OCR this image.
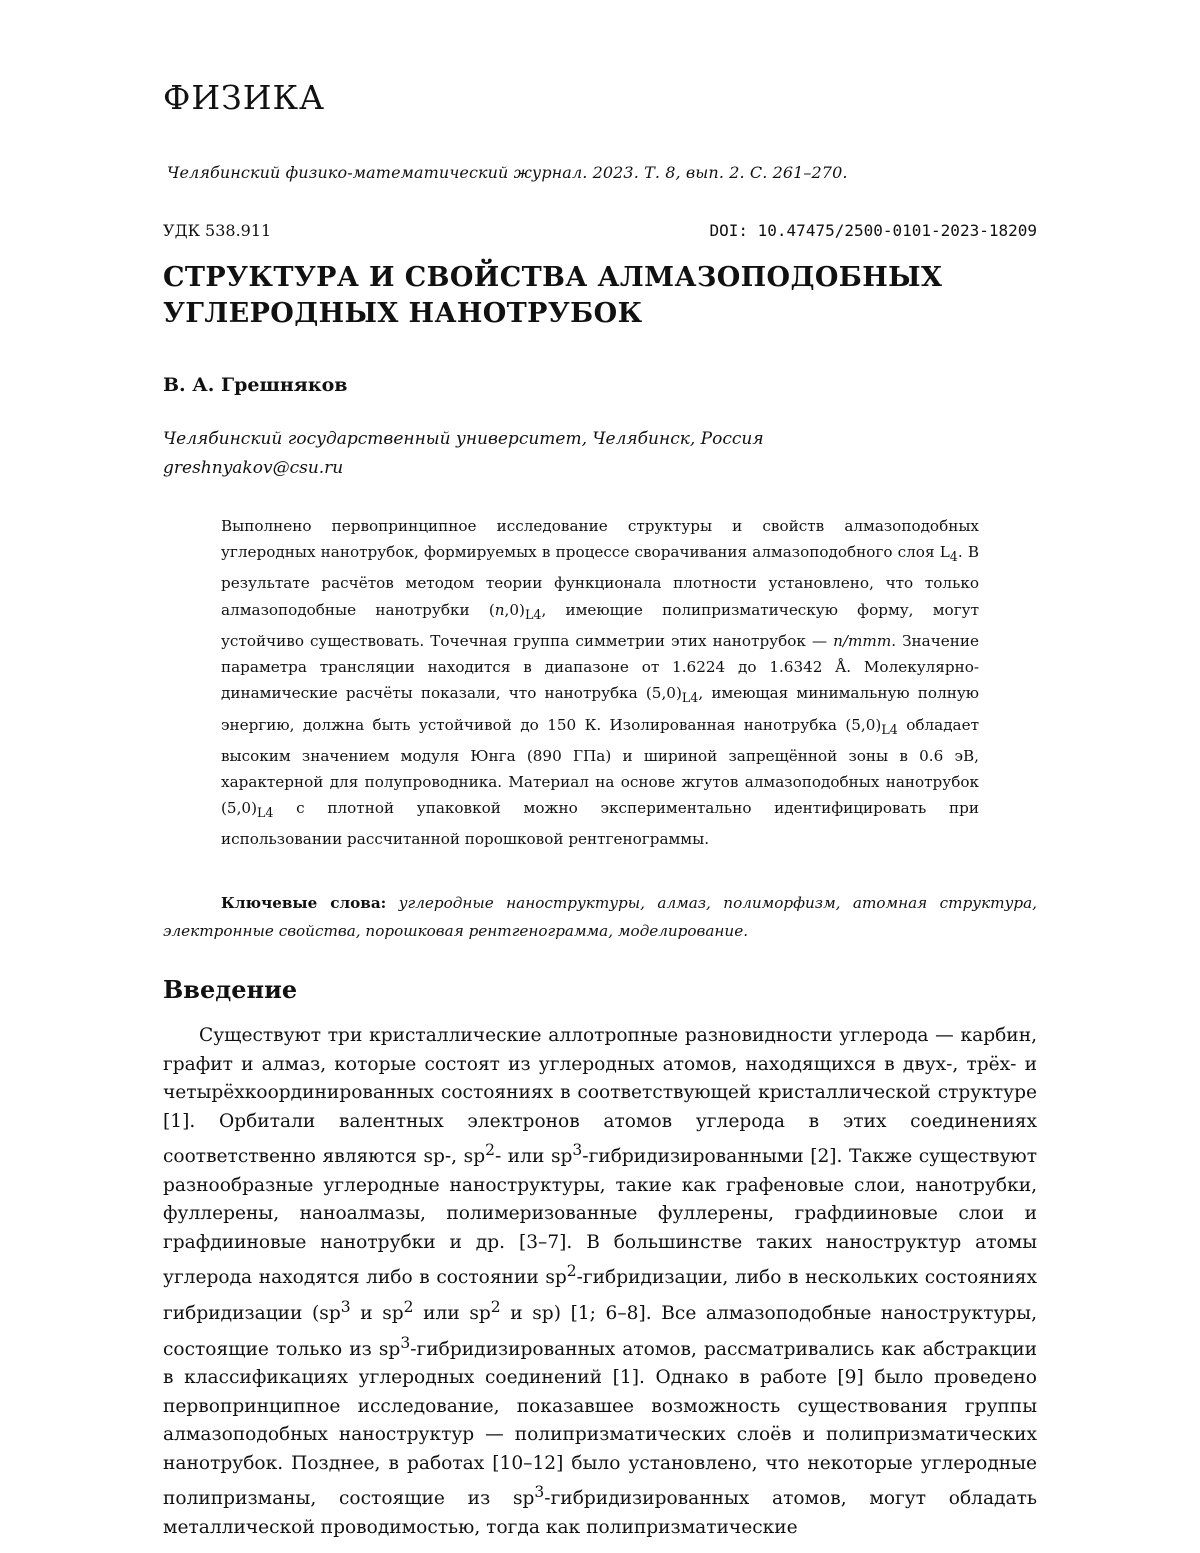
ФИЗИКА
Челябинский физико-математический журнал. 2023. Т. 8, вып. 2. С. 261–270.
УДК 538.911	DOI: 10.47475/2500-0101-2023-18209
СТРУКТУРА И СВОЙСТВА АЛМАЗОПОДОБНЫХ
УГЛЕРОДНЫХ НАНОТРУБОК
В. А. Грешняков
Челябинский государственный университет, Челябинск, Россия
greshnyakov@csu.ru
Выполнено первопринципное исследование структуры и свойств алмазоподобных углеродных нанотрубок, формируемых в процессе сворачивания алмазоподобного слоя $L_4$. В результате расчётов методом теории функционала плотности установлено, что только алмазоподобные нанотрубки $(n,0)_{L4}$, имеющие полипризматическую форму, могут устойчиво существовать. Точечная группа симметрии этих нанотрубок — n/mmm. Значение параметра трансляции находится в диапазоне от 1.6224 до 1.6342 Å. Молекулярно-динамические расчёты показали, что нанотрубка $(5,0)_{L4}$, имеющая минимальную полную энергию, должна быть устойчивой до 150 К. Изолированная нанотрубка $(5,0)_{L4}$ обладает высоким значением модуля Юнга (890 ГПа) и шириной запрещённой зоны в 0.6 эВ, характерной для полупроводника. Материал на основе жгутов алмазоподобных нанотрубок $(5,0)_{L4}$ с плотной упаковкой можно экспериментально идентифицировать при использовании рассчитанной порошковой рентгенограммы.
Ключевые слова: углеродные наноструктуры, алмаз, полиморфизм, атомная структура, электронные свойства, порошковая рентгенограмма, моделирование.
Введение
Существуют три кристаллические аллотропные разновидности углерода — карбин, графит и алмаз, которые состоят из углеродных атомов, находящихся в двух-, трёх- и четырёхкоординированных состояниях в соответствующей кристаллической структуре [1]. Орбитали валентных электронов атомов углерода в этих соединениях соответственно являются sp-, $sp^2-$ или $sp^3$-гибридизированными [2]. Также существуют разнообразные углеродные наноструктуры, такие как графеновые слои, нанотрубки, фуллерены, наноалмазы, полимеризованные фуллерены, графдииновые слои и графдииновые нанотрубки и др. [3–7]. В большинстве таких наноструктур атомы углерода находятся либо в состоянии $sp^2$-гибридизации, либо в нескольких состояниях гибридизации ($sp^3$ и $sp^2$ или $sp^2$ и sp) [1; 6–8]. Все алмазоподобные наноструктуры, состоящие только из $sp^3$-гибридизированных атомов, рассматривались как абстракции в классификациях углеродных соединений [1]. Однако в работе [9] было проведено первопринципное исследование, показавшее возможность существования группы алмазоподобных наноструктур — полипризматических слоёв и полипризматических нанотрубок. Позднее, в работах [10–12] было установлено, что некоторые углеродные полипризманы, состоящие из $sp^3$-гибридизированных атомов, могут обладать металлической проводимостью, тогда как полипризматические
